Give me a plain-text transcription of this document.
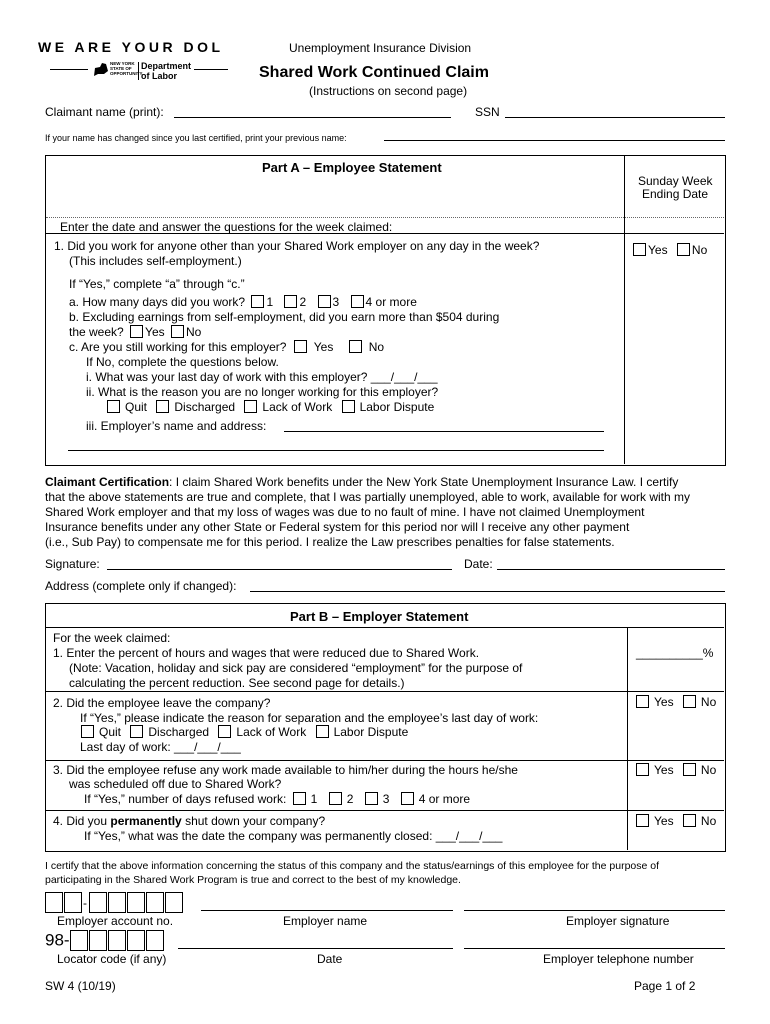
WE ARE YOUR DOL
NEW YORK STATE OF OPPORTUNITY.
Department of Labor
Unemployment Insurance Division
Shared Work Continued Claim
(Instructions on second page)
Claimant name (print):	SSN
If your name has changed since you last certified, print your previous name:
Part A – Employee Statement
Sunday Week
Ending Date
Enter the date and answer the questions for the week claimed:
1. Did you work for anyone other than your Shared Work employer on any day in the week?
(This includes self-employment.)
Yes No
If “Yes,” complete “a” through “c.”
a. How many days did you work? 1 2 3 4 or more
b. Excluding earnings from self-employment, did you earn more than $504 during
the week? Yes No
c. Are you still working for this employer? Yes	No
If No, complete the questions below.
i. What was your last day of work with this employer? ___/___/___
ii. What is the reason you are no longer working for this employer?
Quit Discharged Lack of Work Labor Dispute
iii. Employer’s name and address:
Claimant Certification: I claim Shared Work benefits under the New York State Unemployment Insurance Law. I certify
that the above statements are true and complete, that I was partially unemployed, able to work, available for work with my
Shared Work employer and that my loss of wages was due to no fault of mine. I have not claimed Unemployment
Insurance benefits under any other State or Federal system for this period nor will I receive any other payment
(i.e., Sub Pay) to compensate me for this period. I realize the Law prescribes penalties for false statements.
Signature:	Date:
Address (complete only if changed):
Part B – Employer Statement
For the week claimed:
1. Enter the percent of hours and wages that were reduced due to Shared Work.
(Note: Vacation, holiday and sick pay are considered “employment” for the purpose of
calculating the percent reduction. See second page for details.)
__________%
2. Did the employee leave the company?
If “Yes,” please indicate the reason for separation and the employee’s last day of work:
Quit Discharged Lack of Work Labor Dispute
Last day of work: ___/___/___
Yes No
3. Did the employee refuse any work made available to him/her during the hours he/she
was scheduled off due to Shared Work?
If “Yes,” number of days refused work: 1 2 3 4 or more
Yes No
4. Did you permanently shut down your company?
If “Yes,” what was the date the company was permanently closed: ___/___/___
Yes No
I certify that the above information concerning the status of this company and the status/earnings of this employee for the purpose of
participating in the Shared Work Program is true and correct to the best of my knowledge.
-
Employer account no.	Employer name	Employer signature
98-
Locator code (if any)	Date	Employer telephone number
SW 4 (10/19)	Page 1 of 2
